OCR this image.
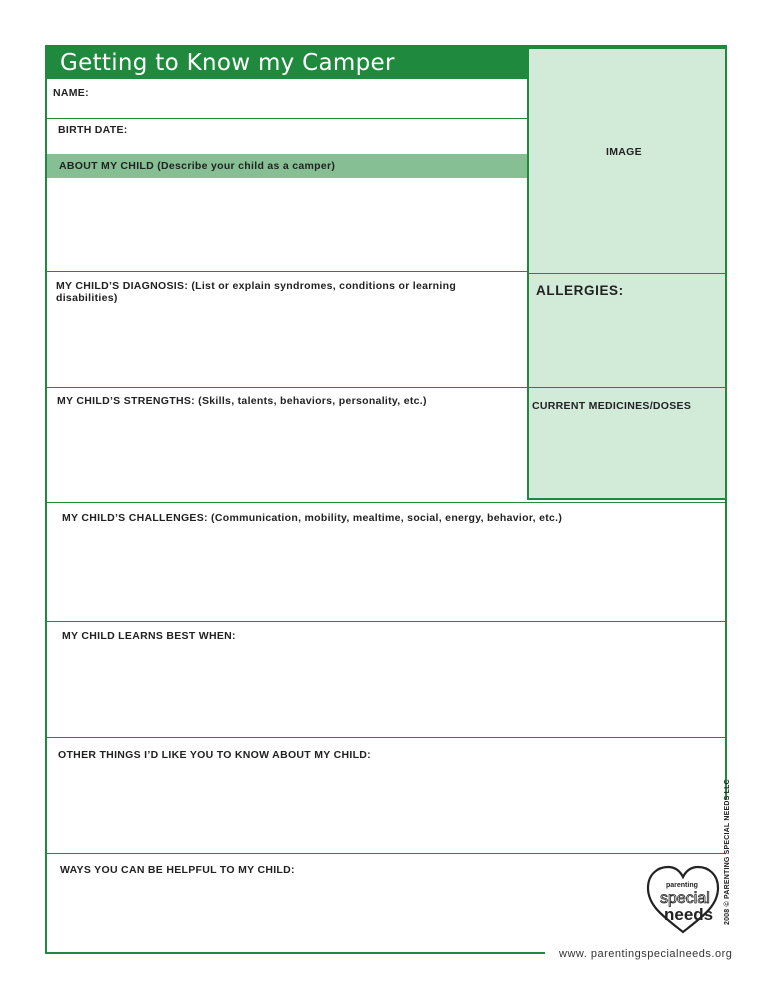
Getting to Know my Camper
NAME:
BIRTH DATE:
ABOUT MY CHILD (Describe your child as a camper)
MY CHILD’S DIAGNOSIS: (List or explain syndromes, conditions or learning disabilities)
MY CHILD’S STRENGTHS: (Skills, talents, behaviors, personality, etc.)
IMAGE
ALLERGIES:
CURRENT MEDICINES/DOSES
MY CHILD’S CHALLENGES: (Communication, mobility, mealtime, social, energy, behavior, etc.)
MY CHILD LEARNS BEST WHEN:
OTHER THINGS I’D LIKE YOU TO KNOW ABOUT MY CHILD:
WAYS YOU CAN BE HELPFUL TO MY CHILD:	2008 © PARENTING SPECIAL NEEDS LLC
parenting
special
needs
www. parentingspecialneeds.org
